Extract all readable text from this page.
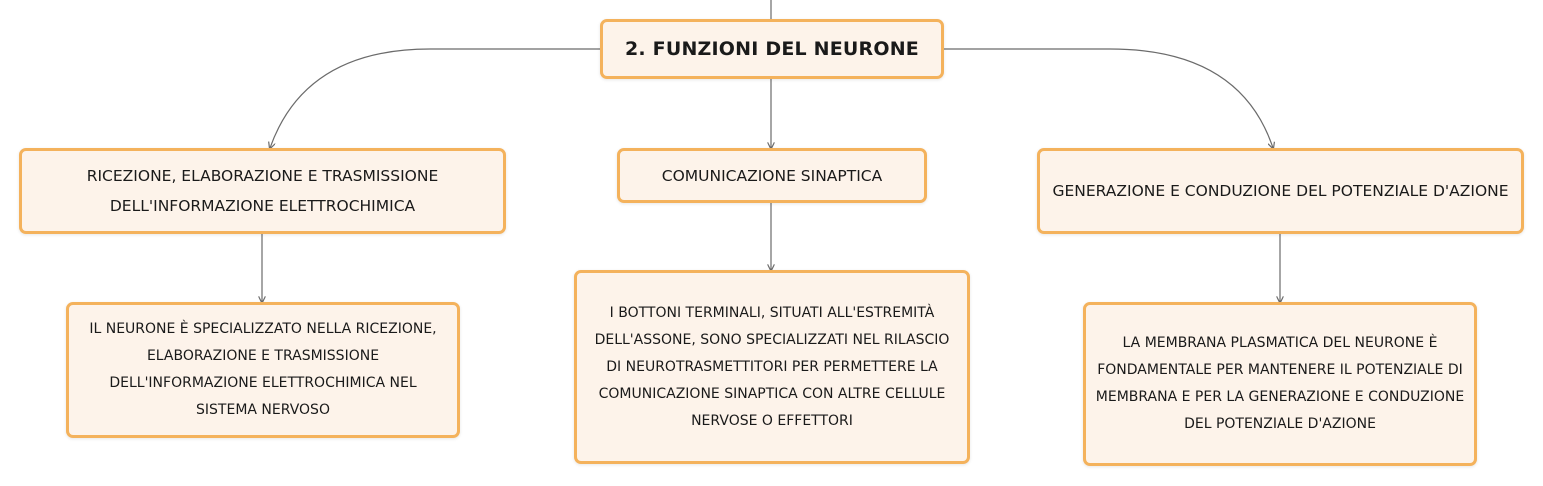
2. FUNZIONI DEL NEURONE
RICEZIONE, ELABORAZIONE E TRASMISSIONE DELL'INFORMAZIONE ELETTROCHIMICA
COMUNICAZIONE SINAPTICA
GENERAZIONE E CONDUZIONE DEL POTENZIALE D'AZIONE
IL NEURONE È SPECIALIZZATO NELLA RICEZIONE, ELABORAZIONE E TRASMISSIONE DELL'INFORMAZIONE ELETTROCHIMICA NEL SISTEMA NERVOSO
I BOTTONI TERMINALI, SITUATI ALL'ESTREMITÀ DELL'ASSONE, SONO SPECIALIZZATI NEL RILASCIO DI NEUROTRASMETTITORI PER PERMETTERE LA COMUNICAZIONE SINAPTICA CON ALTRE CELLULE NERVOSE O EFFETTORI
LA MEMBRANA PLASMATICA DEL NEURONE È FONDAMENTALE PER MANTENERE IL POTENZIALE DI MEMBRANA E PER LA GENERAZIONE E CONDUZIONE DEL POTENZIALE D'AZIONE
